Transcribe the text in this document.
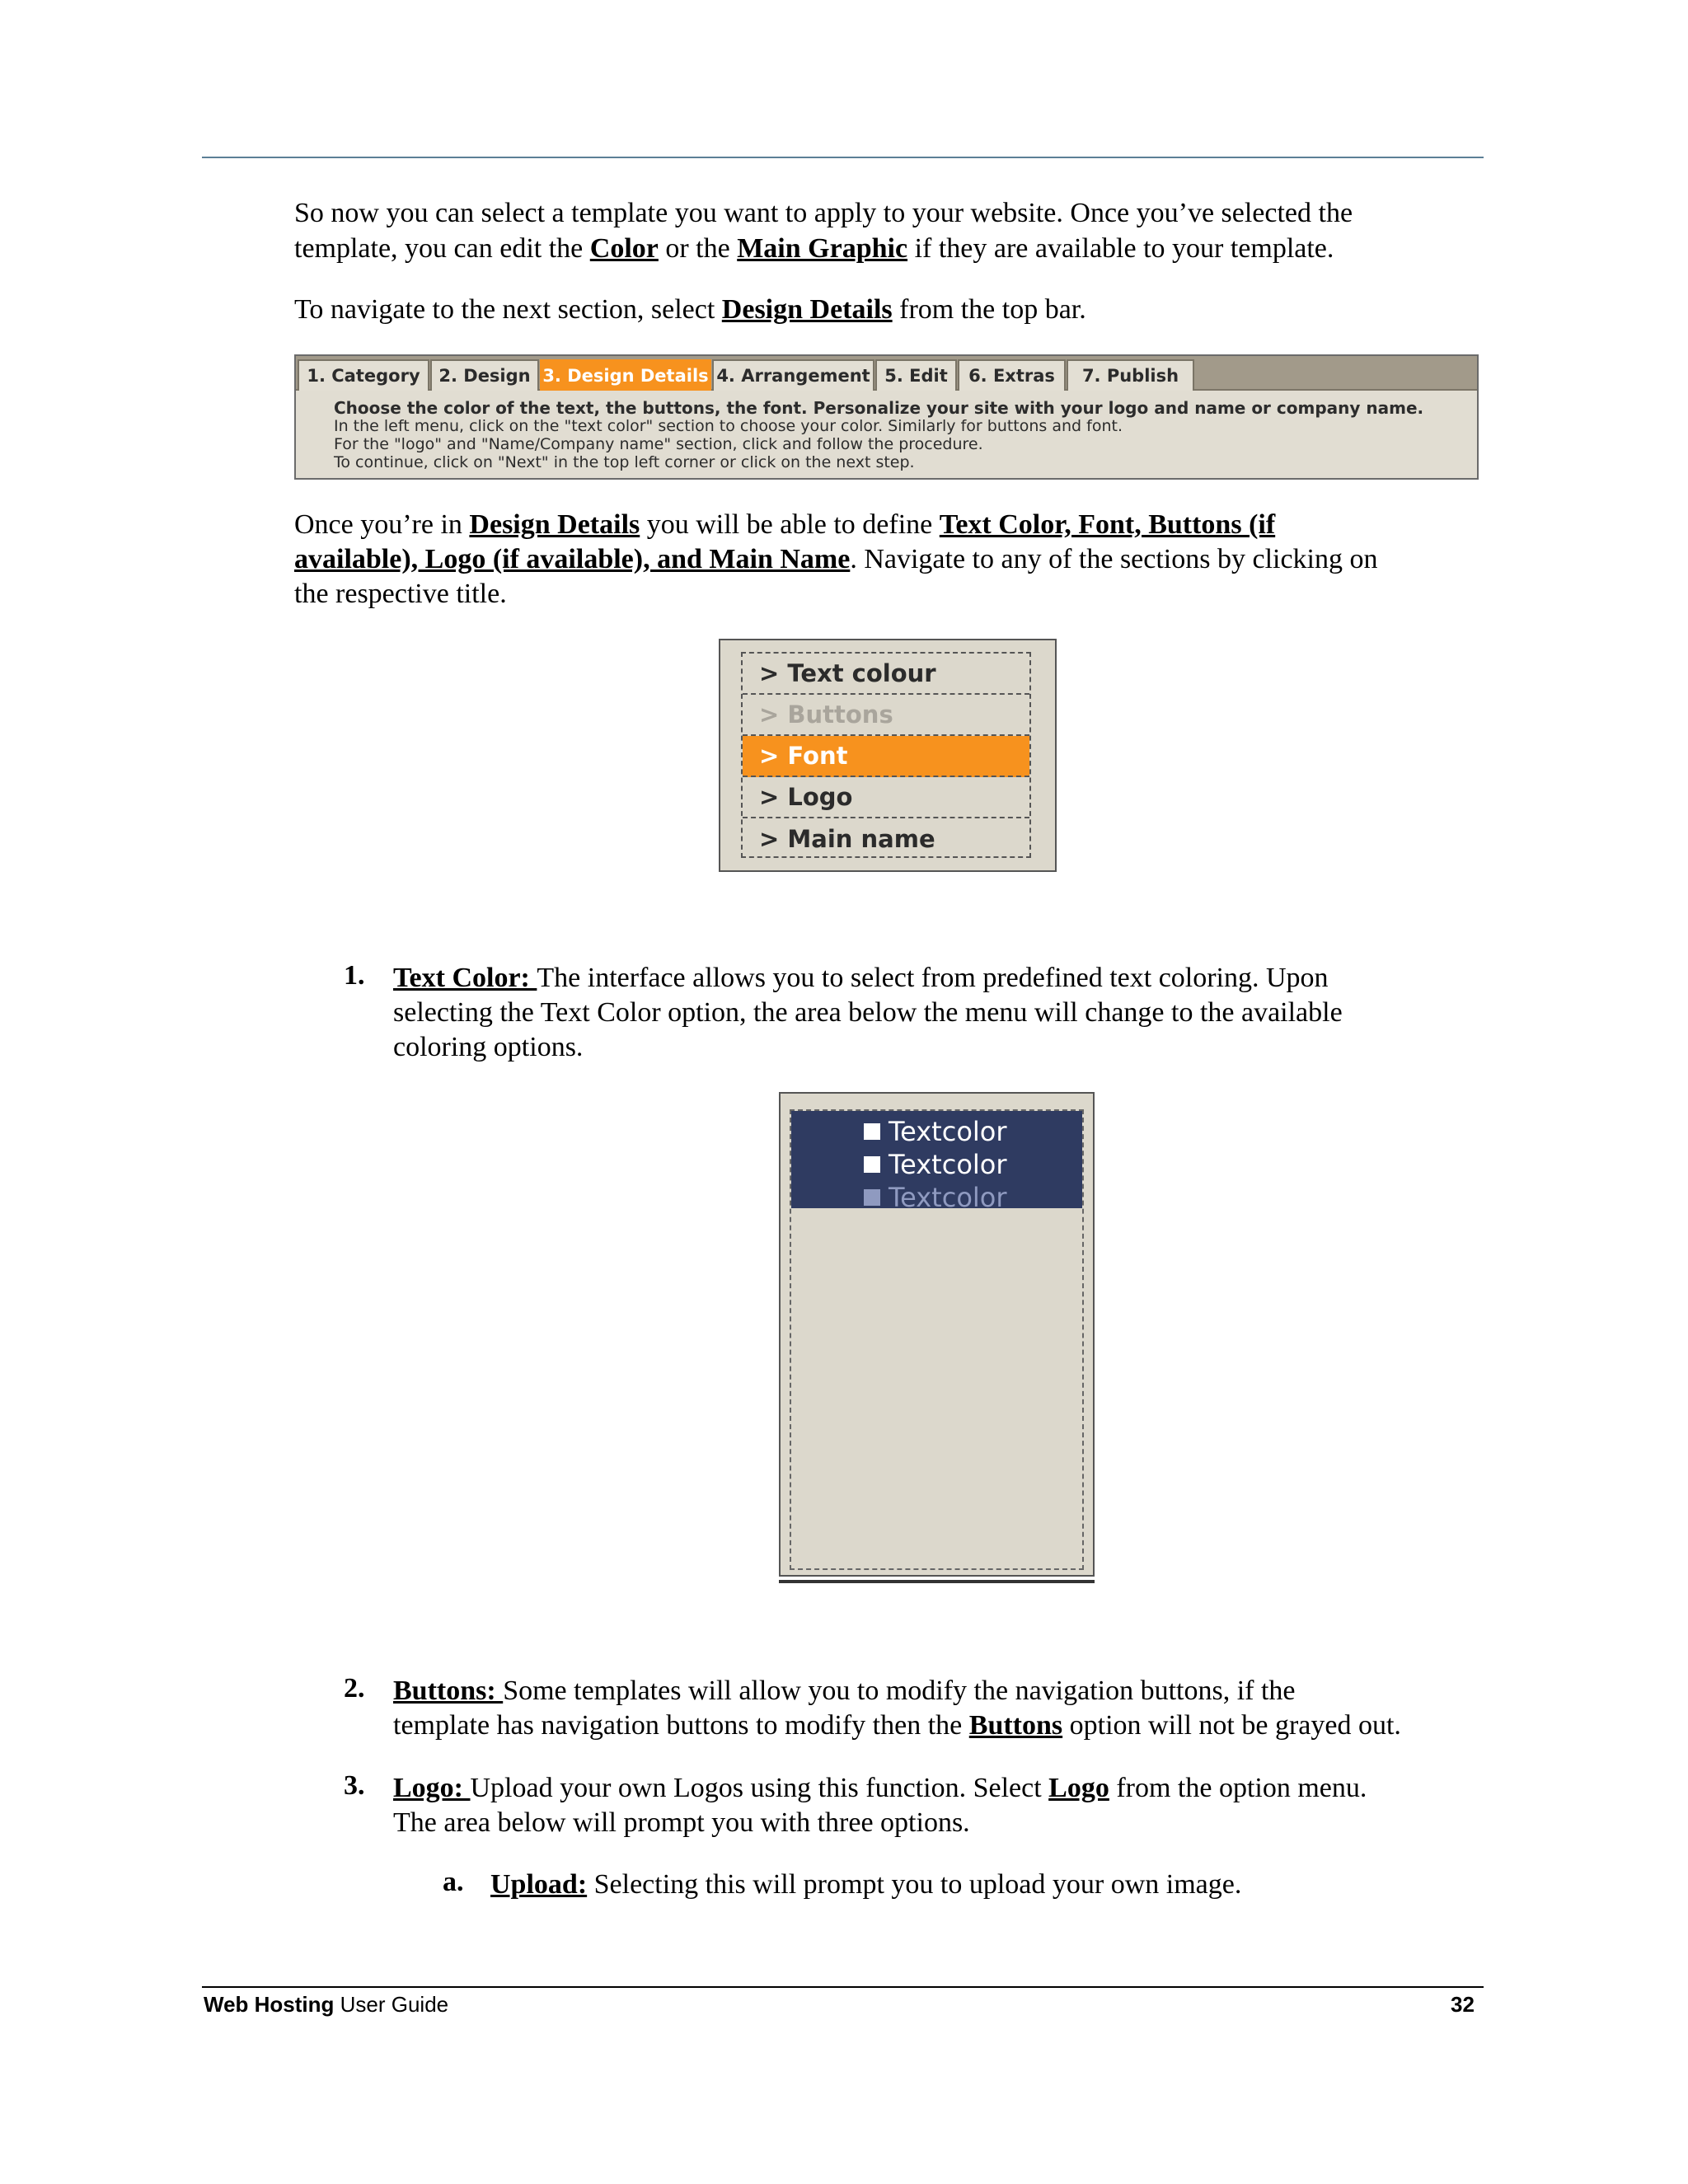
So now you can select a template you want to apply to your website. Once you’ve selected the

template, you can edit the Color or the Main Graphic if they are available to your template.

To navigate to the next section, select Design Details from the top bar.

1. Category	2. Design 3. Design Details 4. Arrangement 5. Edit	6. Extras	7. Publish
Choose the color of the text, the buttons, the font. Personalize your site with your logo and name or company name.
In the left menu, click on the "text color" section to choose your color. Similarly for buttons and font.
For the "logo" and "Name/Company name" section, click and follow the procedure.
To continue, click on "Next" in the top left corner or click on the next step.

Once you’re in Design Details you will be able to define Text Color, Font, Buttons (if

available), Logo (if available), and Main Name. Navigate to any of the sections by clicking on

the respective title.

> Text colour
> Buttons
> Font
> Logo
> Main name
1. Text Color: The interface allows you to select from predefined text coloring. Upon

selecting the Text Color option, the area below the menu will change to the available

coloring options.

Textcolor
Textcolor
Textcolor
2. Buttons: Some templates will allow you to modify the navigation buttons, if the

template has navigation buttons to modify then the Buttons option will not be grayed out.

3. Logo: Upload your own Logos using this function. Select Logo from the option menu.

The area below will prompt you with three options.

a. Upload: Selecting this will prompt you to upload your own image.

Web Hosting User Guide	32
